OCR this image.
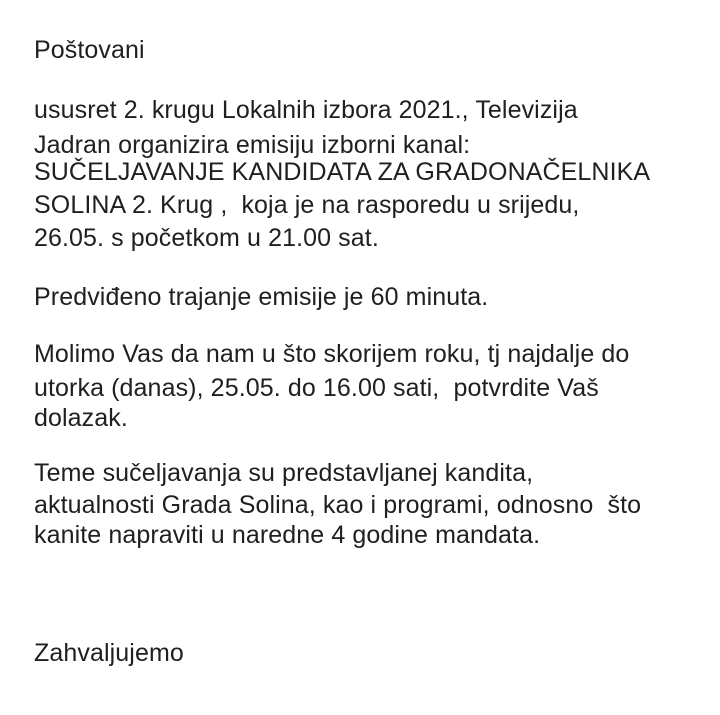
Poštovani
ususret 2. krugu Lokalnih izbora 2021., Televizija
Jadran organizira emisiju izborni kanal:
SUČELJAVANJE KANDIDATA ZA GRADONAČELNIKA
SOLINA 2. Krug ,  koja je na rasporedu u srijedu,
26.05. s početkom u 21.00 sat.
Predviđeno trajanje emisije je 60 minuta.
Molimo Vas da nam u što skorijem roku, tj najdalje do
utorka (danas), 25.05. do 16.00 sati,  potvrdite Vaš
dolazak.
Teme sučeljavanja su predstavljanej kandita,
aktualnosti Grada Solina, kao i programi, odnosno  što
kanite napraviti u naredne 4 godine mandata.
Zahvaljujemo
